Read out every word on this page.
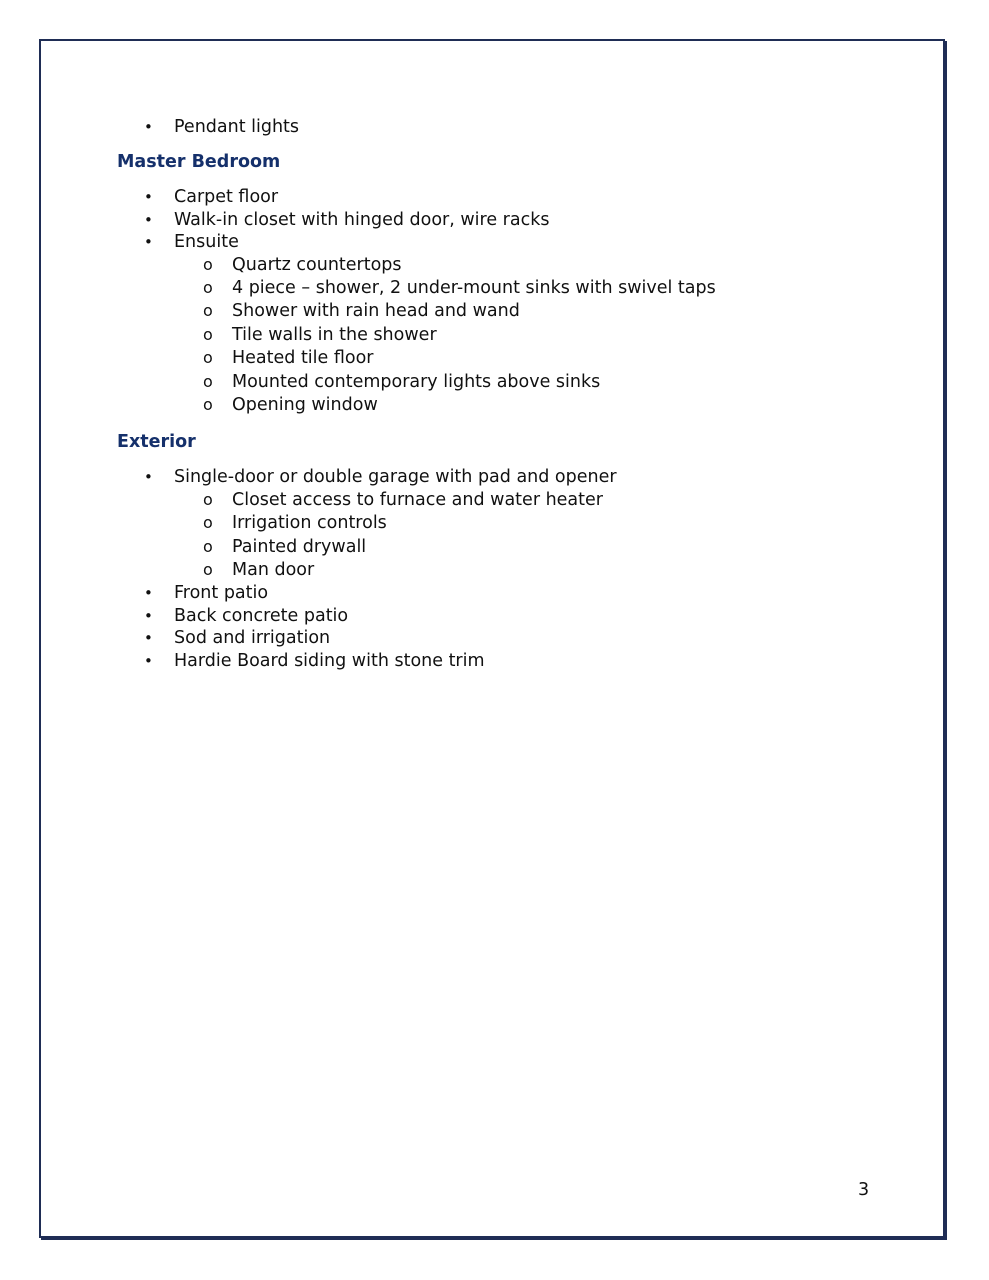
• Pendant lights
Master Bedroom
• Carpet floor
• Walk-in closet with hinged door, wire racks
• Ensuite
o Quartz countertops
o 4 piece – shower, 2 under-mount sinks with swivel taps
o Shower with rain head and wand
o Tile walls in the shower
o Heated tile floor
o Mounted contemporary lights above sinks
o Opening window
Exterior
• Single-door or double garage with pad and opener
o Closet access to furnace and water heater
o Irrigation controls
o Painted drywall
o Man door
• Front patio
• Back concrete patio
• Sod and irrigation
• Hardie Board siding with stone trim
3
